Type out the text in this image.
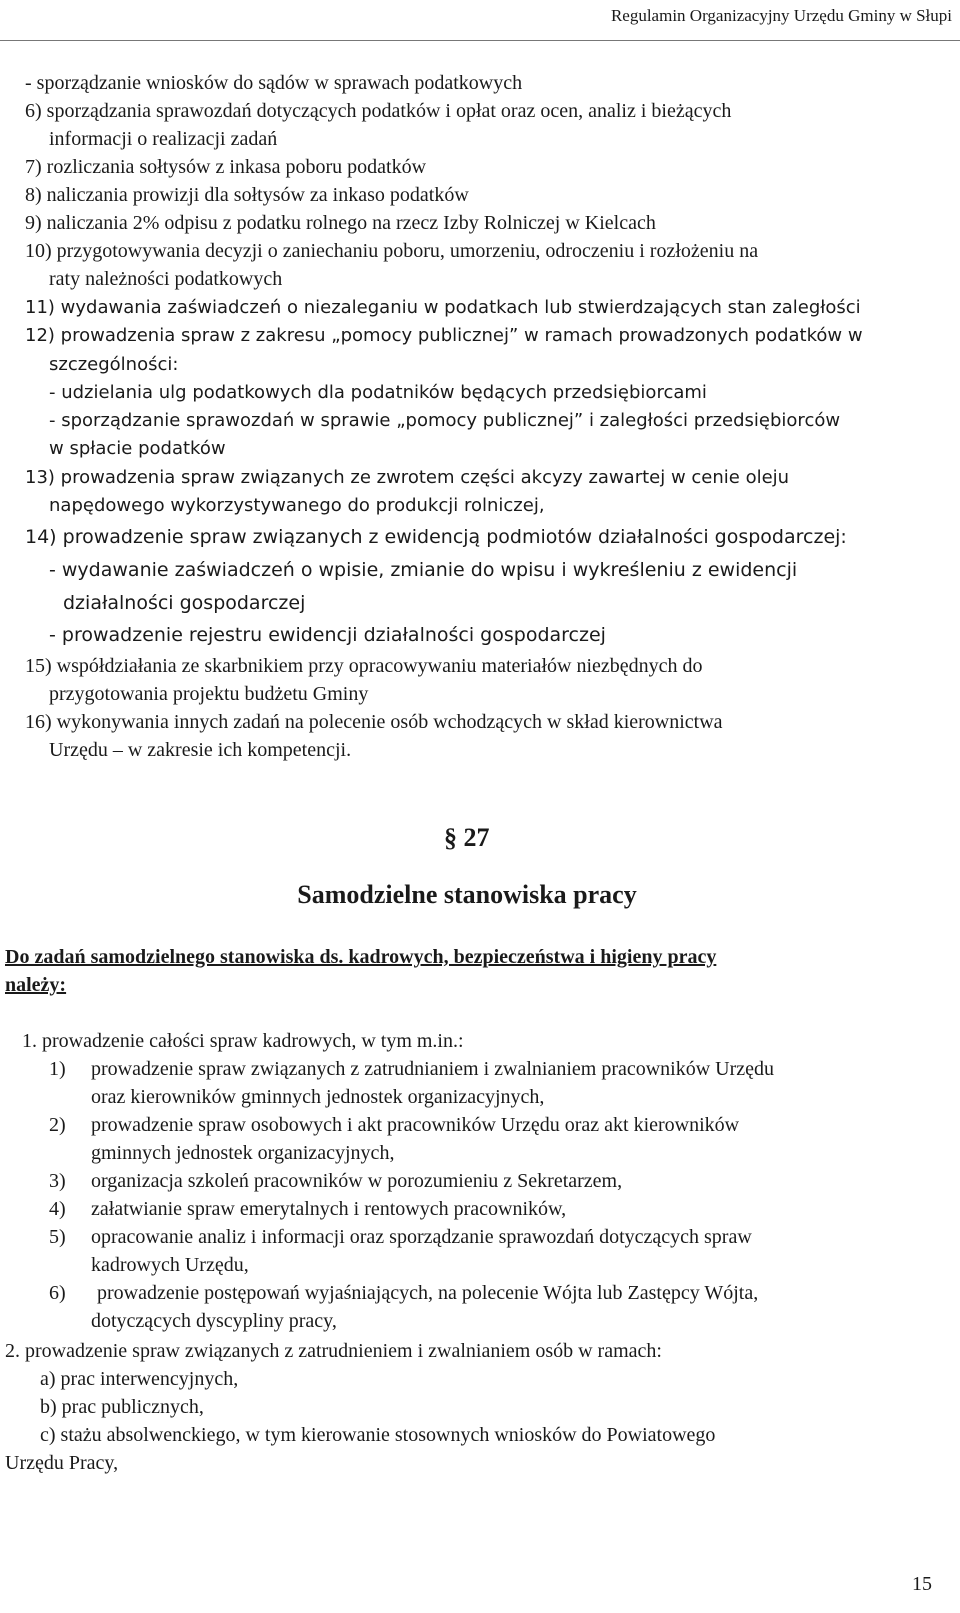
Regulamin Organizacyjny Urzędu Gminy w Słupi
- sporządzanie wniosków do sądów w sprawach podatkowych
6) sporządzania sprawozdań dotyczących podatków i opłat oraz ocen, analiz i bieżących
informacji o realizacji zadań
7) rozliczania sołtysów z inkasa poboru podatków
8) naliczania prowizji dla sołtysów za inkaso podatków
9) naliczania 2% odpisu z podatku rolnego na rzecz Izby Rolniczej w Kielcach
10) przygotowywania decyzji o zaniechaniu poboru, umorzeniu, odroczeniu i rozłożeniu na
raty należności podatkowych
11) wydawania zaświadczeń o niezaleganiu w podatkach lub stwierdzających stan zaległości
12) prowadzenia spraw z zakresu „pomocy publicznej” w ramach prowadzonych podatków w
szczególności:
- udzielania ulg podatkowych dla podatników będących przedsiębiorcami
- sporządzanie sprawozdań w sprawie „pomocy publicznej” i zaległości przedsiębiorców
w spłacie podatków
13) prowadzenia spraw związanych ze zwrotem części akcyzy zawartej w cenie oleju
napędowego wykorzystywanego do produkcji rolniczej,
14) prowadzenie spraw związanych z ewidencją podmiotów działalności gospodarczej:
- wydawanie zaświadczeń o wpisie, zmianie do wpisu i wykreśleniu z ewidencji
działalności gospodarczej
- prowadzenie rejestru ewidencji działalności gospodarczej
15) współdziałania ze skarbnikiem przy opracowywaniu materiałów niezbędnych do
przygotowania projektu budżetu Gminy
16) wykonywania innych zadań na polecenie osób wchodzących w skład kierownictwa
Urzędu – w zakresie ich kompetencji.
§ 27
Samodzielne stanowiska pracy
Do zadań samodzielnego stanowiska ds. kadrowych, bezpieczeństwa i higieny pracy
należy:
1. prowadzenie całości spraw kadrowych, w tym m.in.:
1) prowadzenie spraw związanych z zatrudnianiem i zwalnianiem pracowników Urzędu
oraz kierowników gminnych jednostek organizacyjnych,
2) prowadzenie spraw osobowych i akt pracowników Urzędu oraz akt kierowników
gminnych jednostek organizacyjnych,
3) organizacja szkoleń pracowników w porozumieniu z Sekretarzem,
4) załatwianie spraw emerytalnych i rentowych pracowników,
5) opracowanie analiz i informacji oraz sporządzanie sprawozdań dotyczących spraw
kadrowych Urzędu,
6) prowadzenie postępowań wyjaśniających, na polecenie Wójta lub Zastępcy Wójta,
dotyczących dyscypliny pracy,
2. prowadzenie spraw związanych z zatrudnieniem i zwalnianiem osób w ramach:
a) prac interwencyjnych,
b) prac publicznych,
c) stażu absolwenckiego, w tym kierowanie stosownych wniosków do Powiatowego
Urzędu Pracy,
15
